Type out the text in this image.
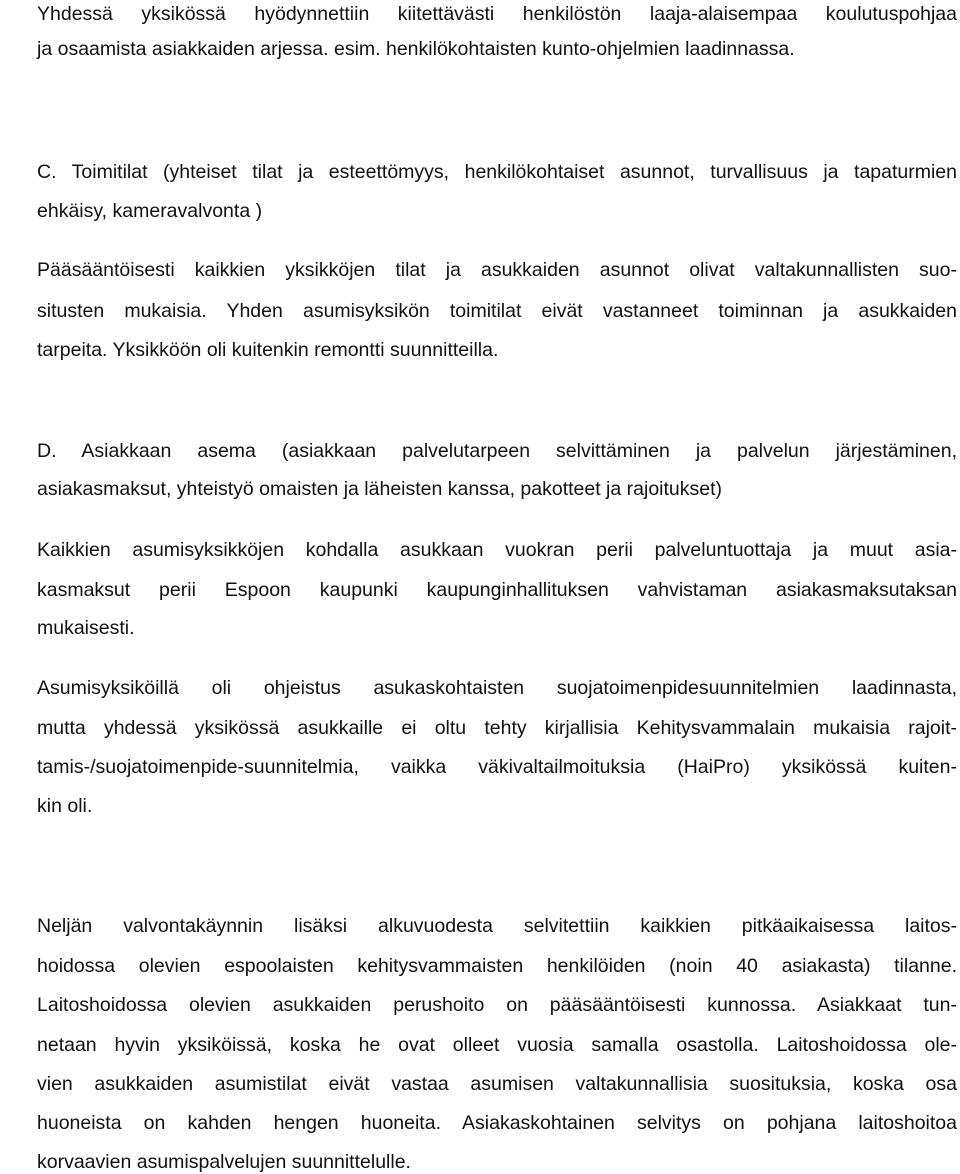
Yhdessä yksikössä hyödynnettiin kiitettävästi henkilöstön laaja-alaisempaa koulutuspohjaa
ja osaamista asiakkaiden arjessa. esim. henkilökohtaisten kunto-ohjelmien laadinnassa.
C. Toimitilat (yhteiset tilat ja esteettömyys, henkilökohtaiset asunnot, turvallisuus ja tapaturmien
ehkäisy, kameravalvonta )
Pääsääntöisesti kaikkien yksikköjen tilat ja asukkaiden asunnot olivat valtakunnallisten suo-
situsten mukaisia. Yhden asumisyksikön toimitilat eivät vastanneet toiminnan ja asukkaiden
tarpeita. Yksikköön oli kuitenkin remontti suunnitteilla.
D. Asiakkaan asema (asiakkaan palvelutarpeen selvittäminen ja palvelun järjestäminen,
asiakasmaksut, yhteistyö omaisten ja läheisten kanssa, pakotteet ja rajoitukset)
Kaikkien asumisyksikköjen kohdalla asukkaan vuokran perii palveluntuottaja ja muut asia-
kasmaksut perii Espoon kaupunki kaupunginhallituksen vahvistaman asiakasmaksutaksan
mukaisesti.
Asumisyksiköillä oli ohjeistus asukaskohtaisten suojatoimenpidesuunnitelmien laadinnasta,
mutta yhdessä yksikössä asukkaille ei oltu tehty kirjallisia Kehitysvammalain mukaisia rajoit-
tamis-/suojatoimenpide-suunnitelmia, vaikka väkivaltailmoituksia (HaiPro) yksikössä kuiten-
kin oli.
Neljän valvontakäynnin lisäksi alkuvuodesta selvitettiin kaikkien pitkäaikaisessa laitos-
hoidossa olevien espoolaisten kehitysvammaisten henkilöiden (noin 40 asiakasta) tilanne.
Laitoshoidossa olevien asukkaiden perushoito on pääsääntöisesti kunnossa. Asiakkaat tun-
netaan hyvin yksiköissä, koska he ovat olleet vuosia samalla osastolla. Laitoshoidossa ole-
vien asukkaiden asumistilat eivät vastaa asumisen valtakunnallisia suosituksia, koska osa
huoneista on kahden hengen huoneita. Asiakaskohtainen selvitys on pohjana laitoshoitoa
korvaavien asumispalvelujen suunnittelulle.
